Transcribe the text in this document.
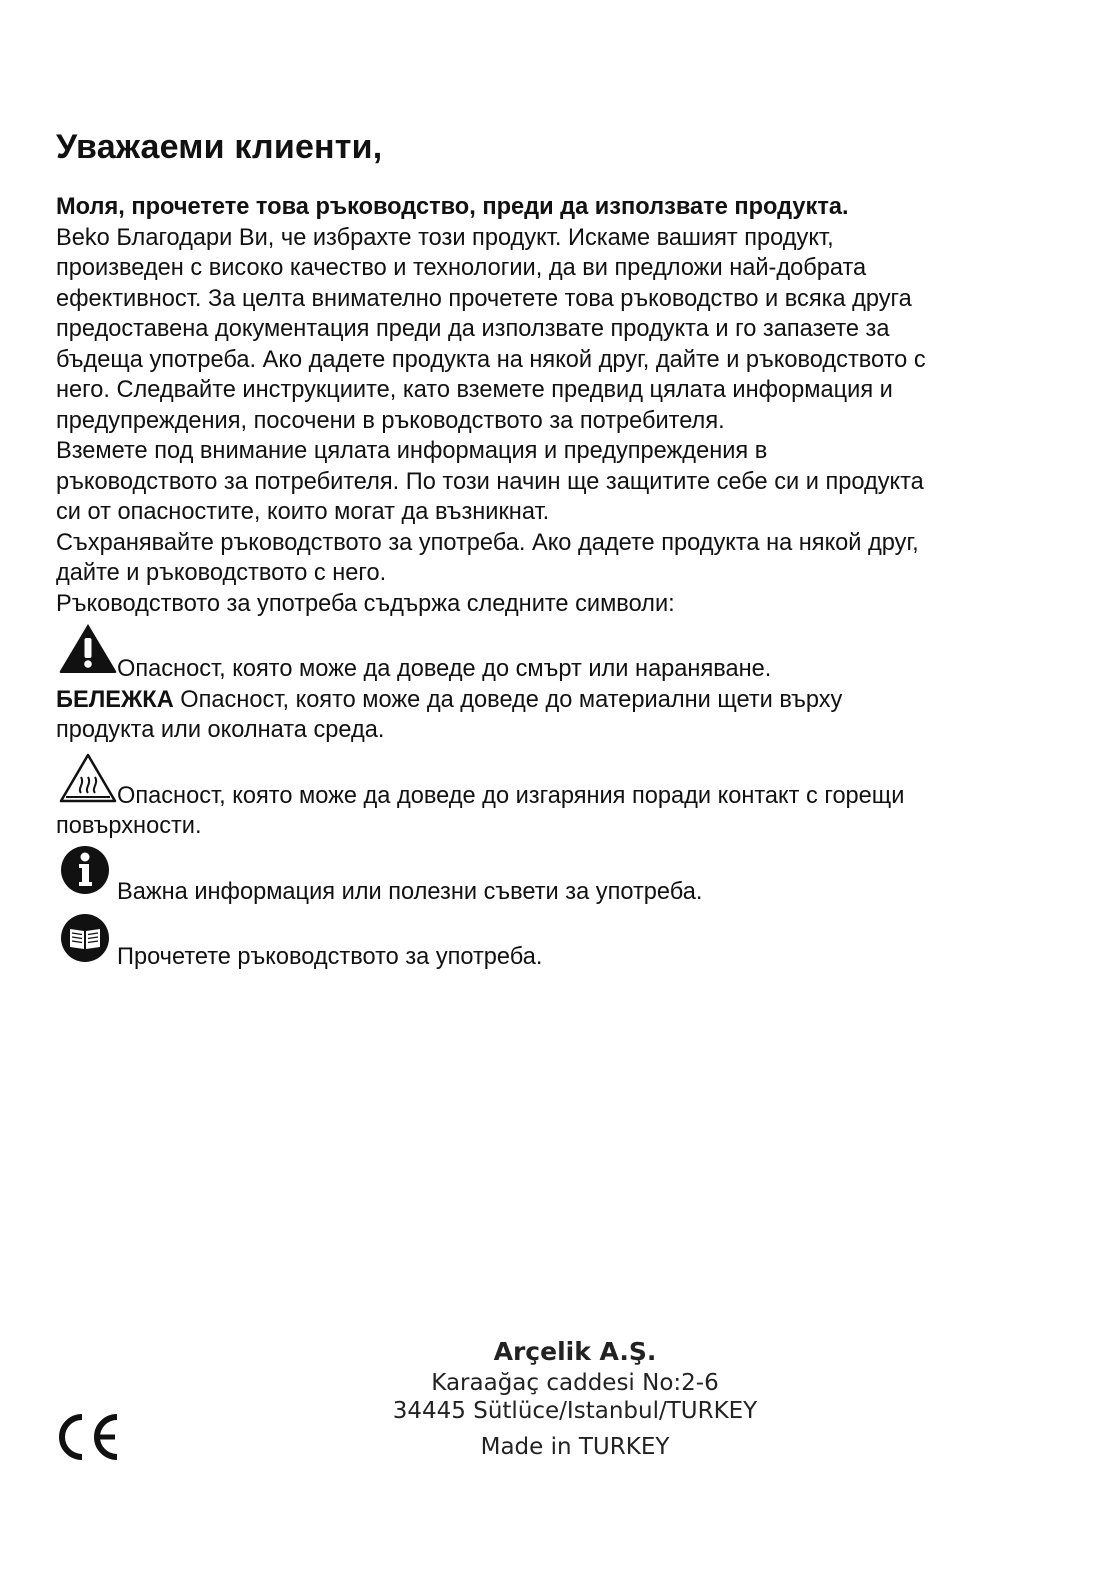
Уважаеми клиенти,

Моля, прочетете това ръководство, преди да използвате продукта.

Beko Благодари Ви, че избрахте този продукт. Искаме вашият продукт,

произведен с високо качество и технологии, да ви предложи най-добрата

ефективност. За целта внимателно прочетете това ръководство и всяка друга

предоставена документация преди да използвате продукта и го запазете за

бъдеща употреба. Ако дадете продукта на някой друг, дайте и ръководството с

него. Следвайте инструкциите, като вземете предвид цялата информация и

предупреждения, посочени в ръководството за потребителя.

Вземете под внимание цялата информация и предупреждения в

ръководството за потребителя. По този начин ще защитите себе си и продукта

си от опасностите, които могат да възникнат.

Съхранявайте ръководството за употреба. Ако дадете продукта на някой друг,

дайте и ръководството с него.

Ръководството за употреба съдържа следните символи:

Опасност, която може да доведе до смърт или нараняване.

БЕЛЕЖКА Опасност, която може да доведе до материални щети върху

продукта или околната среда.

Опасност, която може да доведе до изгаряния поради контакт с горещи

повърхности.

Важна информация или полезни съвети за употреба.

Прочетете ръководството за употреба.

Arçelik A.Ş.
Karaağaç caddesi No:2-6
34445 Sütlüce/Istanbul/TURKEY
Made in TURKEY
